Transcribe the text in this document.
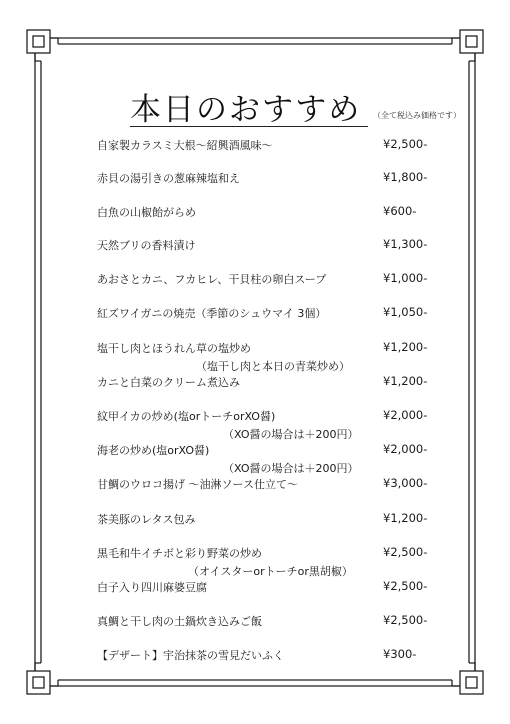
本日のおすすめ （全て税込み価格です）
自家製カラスミ大根～紹興酒風味～	¥2,500-
赤貝の湯引きの葱麻辣塩和え	¥1,800-
白魚の山椒飴がらめ	¥600-
天然ブリの香料漬け	¥1,300-
あおさとカニ、フカヒレ、干貝柱の卵白スープ	¥1,000-
紅ズワイガニの焼売（季節のシュウマイ 3個）	¥1,050-
塩干し肉とほうれん草の塩炒め	¥1,200-
（塩干し肉と本日の青菜炒め）
カニと白菜のクリーム煮込み	¥1,200-
紋甲イカの炒め(塩orトーチorXO醤)	¥2,000-
（XO醤の場合は＋200円）
海老の炒め(塩orXO醤)	¥2,000-
（XO醤の場合は＋200円）
甘鯛のウロコ揚げ ～油淋ソース仕立て～	¥3,000-
茶美豚のレタス包み	¥1,200-
黒毛和牛イチボと彩り野菜の炒め	¥2,500-
（オイスターorトーチor黒胡椒）
白子入り四川麻婆豆腐	¥2,500-
真鯛と干し肉の土鍋炊き込みご飯	¥2,500-
【デザート】宇治抹茶の雪見だいふく	¥300-
